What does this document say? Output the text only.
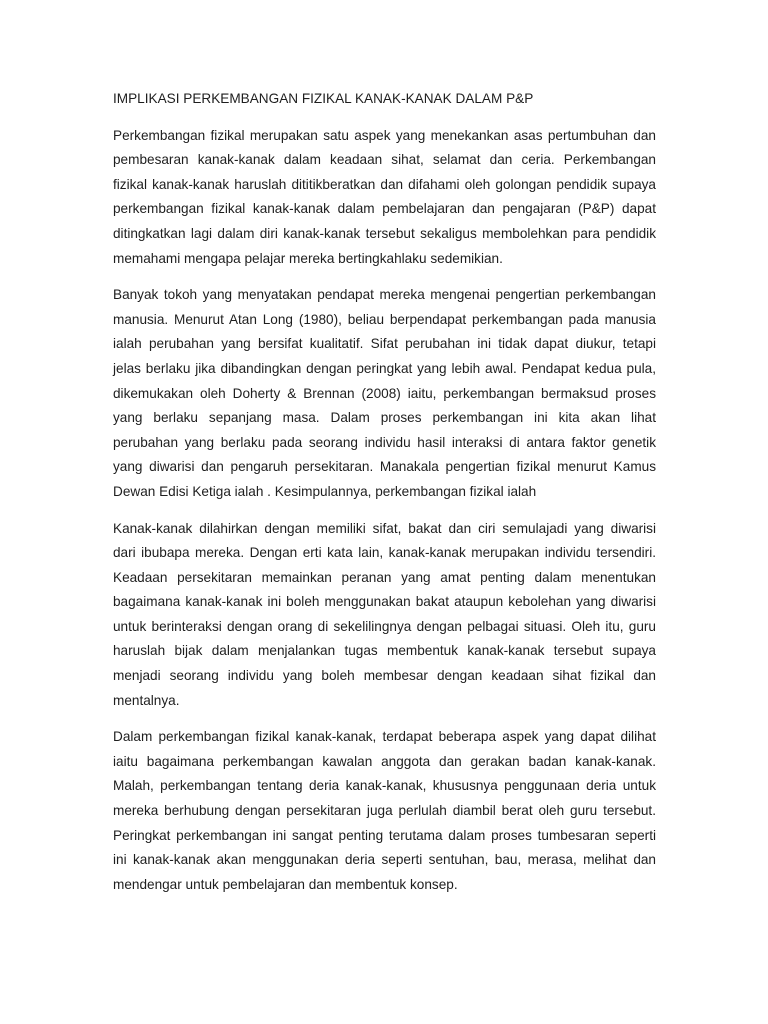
IMPLIKASI PERKEMBANGAN FIZIKAL KANAK-KANAK DALAM P&P

Perkembangan fizikal merupakan satu aspek yang menekankan asas pertumbuhan dan
pembesaran kanak-kanak dalam keadaan sihat, selamat dan ceria. Perkembangan
fizikal kanak-kanak haruslah dititikberatkan dan difahami oleh golongan pendidik supaya
perkembangan fizikal kanak-kanak dalam pembelajaran dan pengajaran (P&P) dapat
ditingkatkan lagi dalam diri kanak-kanak tersebut sekaligus membolehkan para pendidik
memahami mengapa pelajar mereka bertingkahlaku sedemikian.

Banyak tokoh yang menyatakan pendapat mereka mengenai pengertian perkembangan
manusia. Menurut Atan Long (1980), beliau berpendapat perkembangan pada manusia
ialah perubahan yang bersifat kualitatif. Sifat perubahan ini tidak dapat diukur, tetapi
jelas berlaku jika dibandingkan dengan peringkat yang lebih awal. Pendapat kedua pula,
dikemukakan oleh Doherty & Brennan (2008) iaitu, perkembangan bermaksud proses
yang berlaku sepanjang masa. Dalam proses perkembangan ini kita akan lihat
perubahan yang berlaku pada seorang individu hasil interaksi di antara faktor genetik
yang diwarisi dan pengaruh persekitaran. Manakala pengertian fizikal menurut Kamus
Dewan Edisi Ketiga ialah . Kesimpulannya, perkembangan fizikal ialah

Kanak-kanak dilahirkan dengan memiliki sifat, bakat dan ciri semulajadi yang diwarisi
dari ibubapa mereka. Dengan erti kata lain, kanak-kanak merupakan individu tersendiri.
Keadaan persekitaran memainkan peranan yang amat penting dalam menentukan
bagaimana kanak-kanak ini boleh menggunakan bakat ataupun kebolehan yang diwarisi
untuk berinteraksi dengan orang di sekelilingnya dengan pelbagai situasi. Oleh itu, guru
haruslah bijak dalam menjalankan tugas membentuk kanak-kanak tersebut supaya
menjadi seorang individu yang boleh membesar dengan keadaan sihat fizikal dan
mentalnya.

Dalam perkembangan fizikal kanak-kanak, terdapat beberapa aspek yang dapat dilihat
iaitu bagaimana perkembangan kawalan anggota dan gerakan badan kanak-kanak.
Malah, perkembangan tentang deria kanak-kanak, khususnya penggunaan deria untuk
mereka berhubung dengan persekitaran juga perlulah diambil berat oleh guru tersebut.
Peringkat perkembangan ini sangat penting terutama dalam proses tumbesaran seperti
ini kanak-kanak akan menggunakan deria seperti sentuhan, bau, merasa, melihat dan
mendengar untuk pembelajaran dan membentuk konsep.
